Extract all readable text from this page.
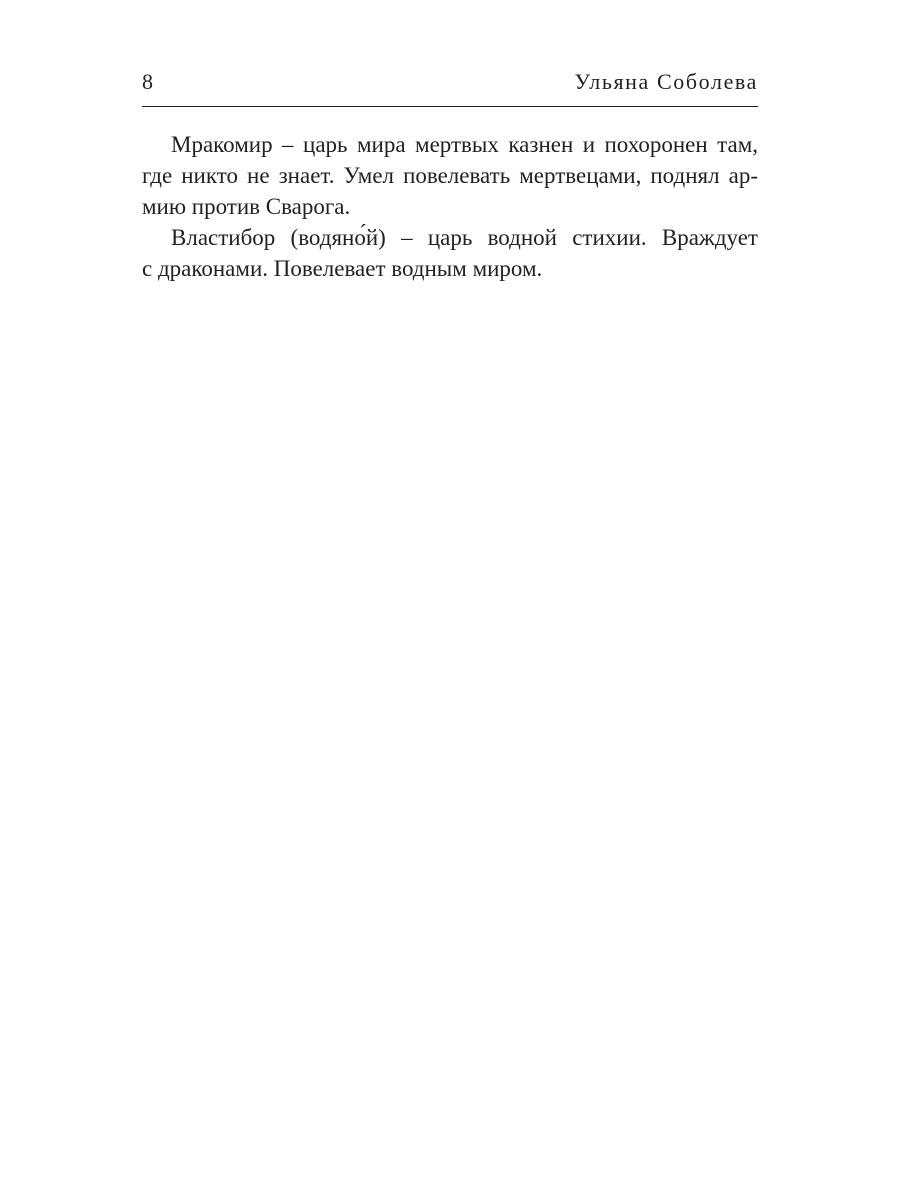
8	Ульяна Соболева
Мракомир – царь мира мертвых казнен и похоронен там,
где никто не знает. Умел повелевать мертвецами, поднял ар-
мию против Сварога.
Властибор (водяно́й) – царь водной стихии. Враждует
с драконами. Повелевает водным миром.
